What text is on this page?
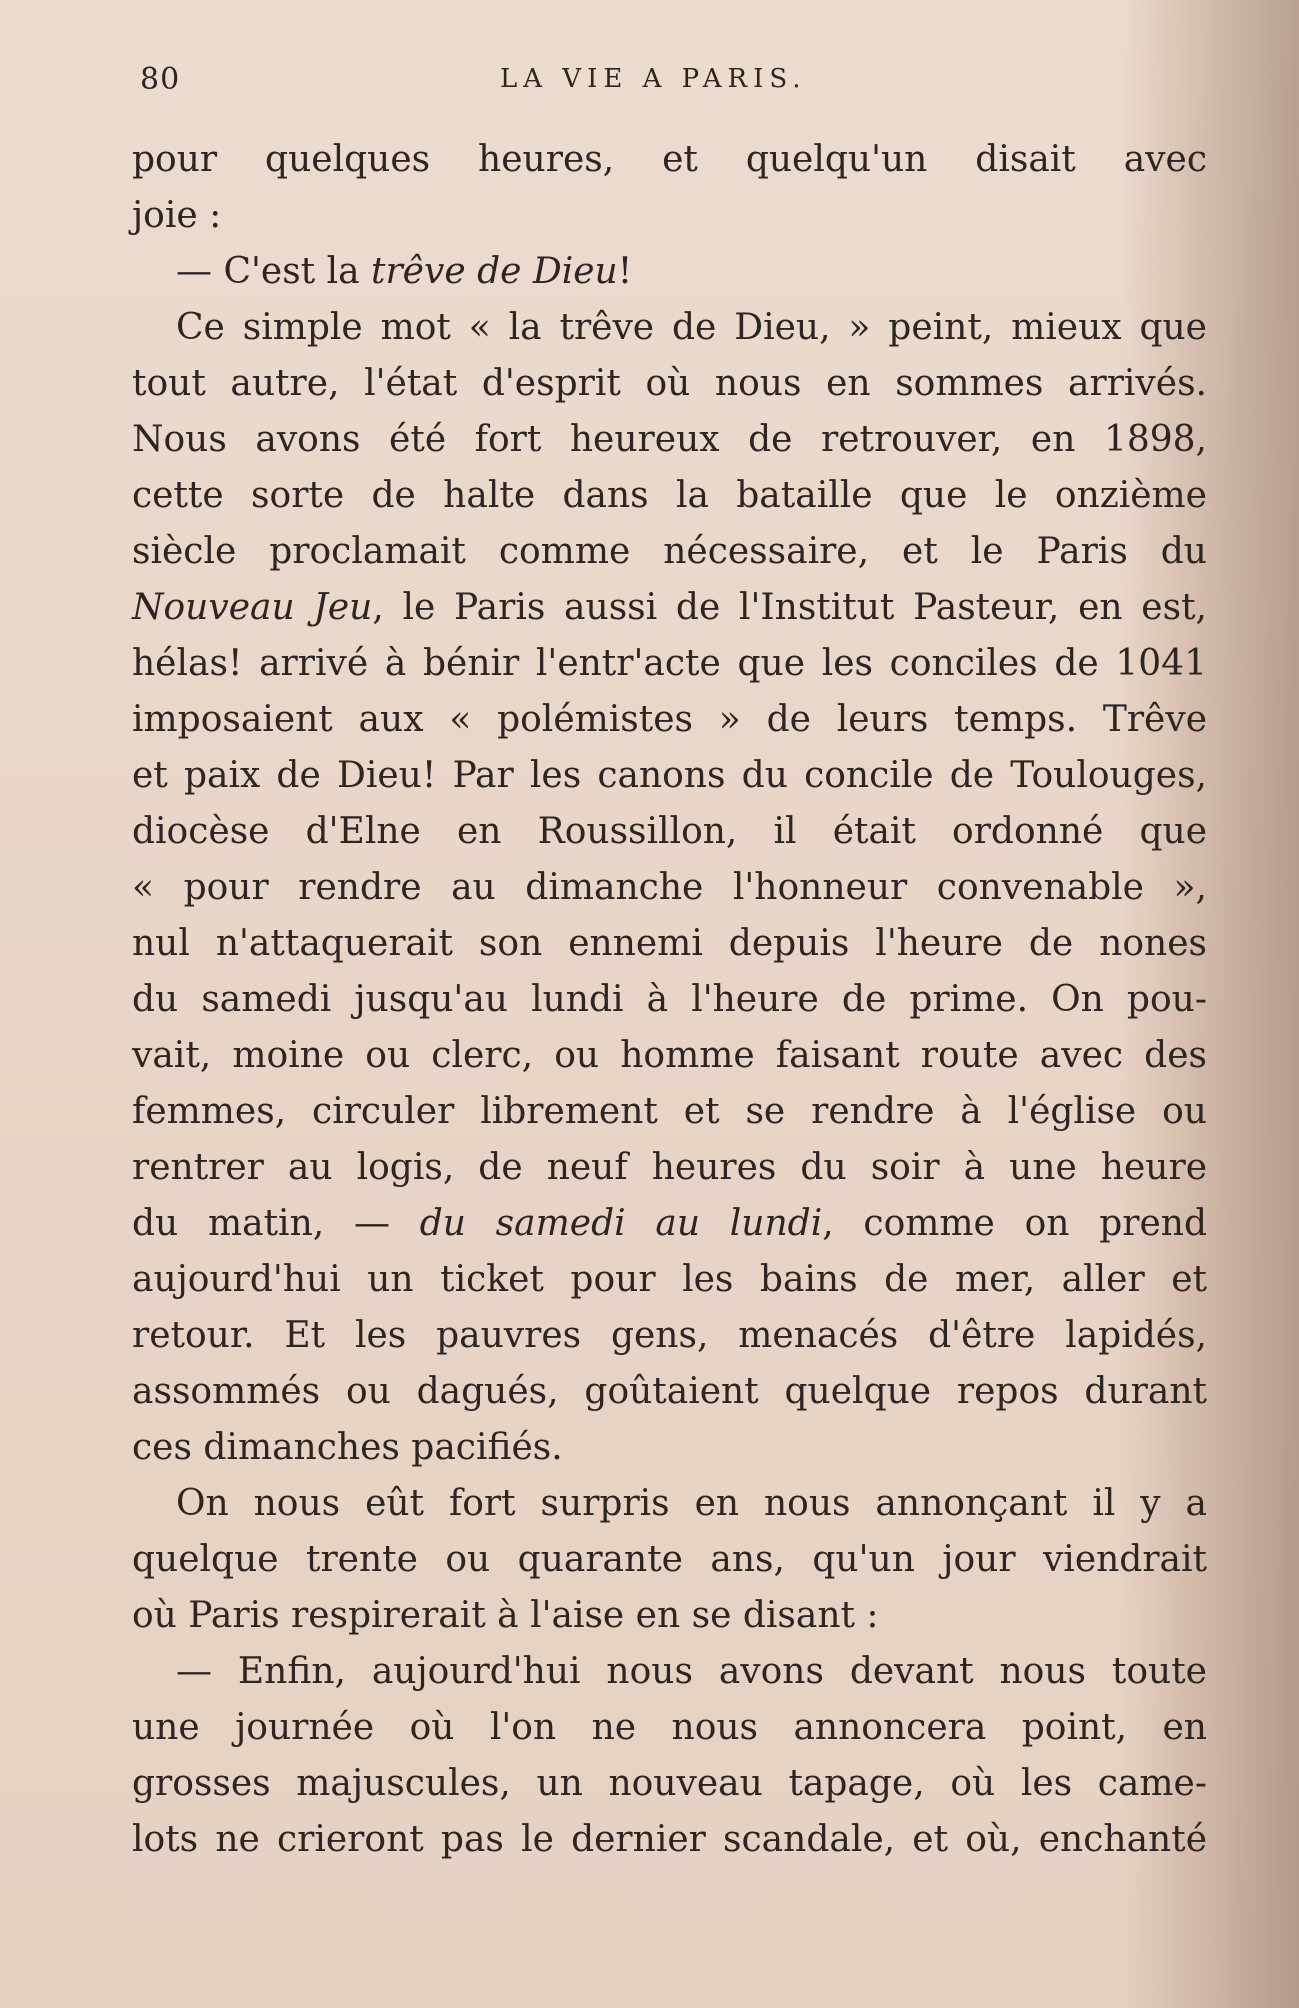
80	LA VIE A PARIS.
pour quelques heures, et quelqu'un disait avec
joie :
— C'est la trêve de Dieu!
Ce simple mot « la trêve de Dieu, » peint, mieux que
tout autre, l'état d'esprit où nous en sommes arrivés.
Nous avons été fort heureux de retrouver, en 1898,
cette sorte de halte dans la bataille que le onzième
siècle proclamait comme nécessaire, et le Paris du
Nouveau Jeu, le Paris aussi de l'Institut Pasteur, en est,
hélas! arrivé à bénir l'entr'acte que les conciles de 1041
imposaient aux « polémistes » de leurs temps. Trêve
et paix de Dieu! Par les canons du concile de Toulouges,
diocèse d'Elne en Roussillon, il était ordonné que
« pour rendre au dimanche l'honneur convenable »,
nul n'attaquerait son ennemi depuis l'heure de nones
du samedi jusqu'au lundi à l'heure de prime. On pou-
vait, moine ou clerc, ou homme faisant route avec des
femmes, circuler librement et se rendre à l'église ou
rentrer au logis, de neuf heures du soir à une heure
du matin, — du samedi au lundi, comme on prend
aujourd'hui un ticket pour les bains de mer, aller et
retour. Et les pauvres gens, menacés d'être lapidés,
assommés ou dagués, goûtaient quelque repos durant
ces dimanches pacifiés.
On nous eût fort surpris en nous annonçant il y a
quelque trente ou quarante ans, qu'un jour viendrait
où Paris respirerait à l'aise en se disant :
— Enfin, aujourd'hui nous avons devant nous toute
une journée où l'on ne nous annoncera point, en
grosses majuscules, un nouveau tapage, où les came-
lots ne crieront pas le dernier scandale, et où, enchanté
